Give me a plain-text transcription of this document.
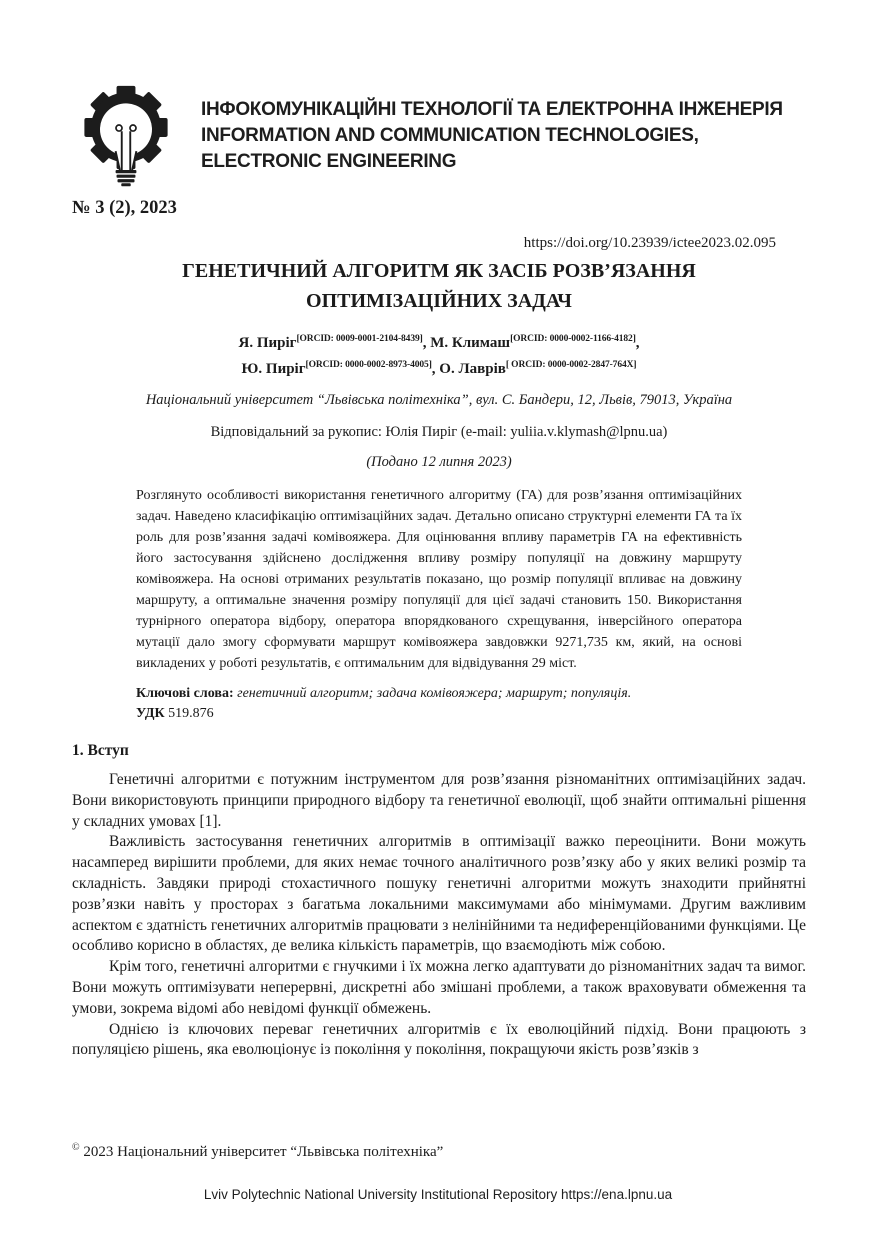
ІНФОКОМУНІКАЦІЙНІ ТЕХНОЛОГІЇ ТА ЕЛЕКТРОННА ІНЖЕНЕРІЯ
INFORMATION AND COMMUNICATION TECHNOLOGIES,
ELECTRONIC ENGINEERING
№ 3 (2), 2023
https://doi.org/10.23939/ictee2023.02.095
ГЕНЕТИЧНИЙ АЛГОРИТМ ЯК ЗАСІБ РОЗВ’ЯЗАННЯ
ОПТИМІЗАЦІЙНИХ ЗАДАЧ
Я. Пиріг[ORCID: 0009-0001-2104-8439], М. Климаш[ORCID: 0000-0002-1166-4182],
Ю. Пиріг[ORCID: 0000-0002-8973-4005], О. Лаврів[ ORCID: 0000-0002-2847-764X]
Національний університет “Львівська політехніка”, вул. С. Бандери, 12, Львів, 79013, Україна
Відповідальний за рукопис: Юлія Пиріг (e-mail: yuliia.v.klymash@lpnu.ua)
(Подано 12 липня 2023)

Розглянуто особливості використання генетичного алгоритму (ГА) для розв’язання оптимізаційних задач. Наведено класифікацію оптимізаційних задач. Детально описано структурні елементи ГА та їх роль для розв’язання задачі комівояжера. Для оцінювання впливу параметрів ГА на ефективність його застосування здійснено дослідження впливу розміру популяції на довжину маршруту комівояжера. На основі отриманих результатів показано, що розмір популяції впливає на довжину маршруту, а оптимальне значення розміру популяції для цієї задачі становить 150. Використання турнірного оператора відбору, оператора впорядкованого схрещування, інверсійного оператора мутації дало змогу сформувати маршрут комівояжера завдовжки 9271,735 км, який, на основі викладених у роботі результатів, є оптимальним для відвідування 29 міст.

Ключові слова: генетичний алгоритм; задача комівояжера; маршрут; популяція.

УДК 519.876

1. Вступ

Генетичні алгоритми є потужним інструментом для розв’язання різноманітних оптимізаційних задач. Вони використовують принципи природного відбору та генетичної еволюції, щоб знайти оптимальні рішення у складних умовах [1].

Важливість застосування генетичних алгоритмів в оптимізації важко переоцінити. Вони можуть насамперед вирішити проблеми, для яких немає точного аналітичного розв’язку або у яких великі розмір та складність. Завдяки природі стохастичного пошуку генетичні алгоритми можуть знаходити прийнятні розв’язки навіть у просторах з багатьма локальними максимумами або мінімумами. Другим важливим аспектом є здатність генетичних алгоритмів працювати з нелінійними та недиференційованими функціями. Це особливо корисно в областях, де велика кількість параметрів, що взаємодіють між собою.

Крім того, генетичні алгоритми є гнучкими і їх можна легко адаптувати до різноманітних задач та вимог. Вони можуть оптимізувати неперервні, дискретні або змішані проблеми, а також враховувати обмеження та умови, зокрема відомі або невідомі функції обмежень.

Однією із ключових переваг генетичних алгоритмів є їх еволюційний підхід. Вони працюють з популяцією рішень, яка еволюціонує із покоління у покоління, покращуючи якість розв’язків з

© 2023 Національний університет “Львівська політехніка”
Lviv Polytechnic National University Institutional Repository https://ena.lpnu.ua
